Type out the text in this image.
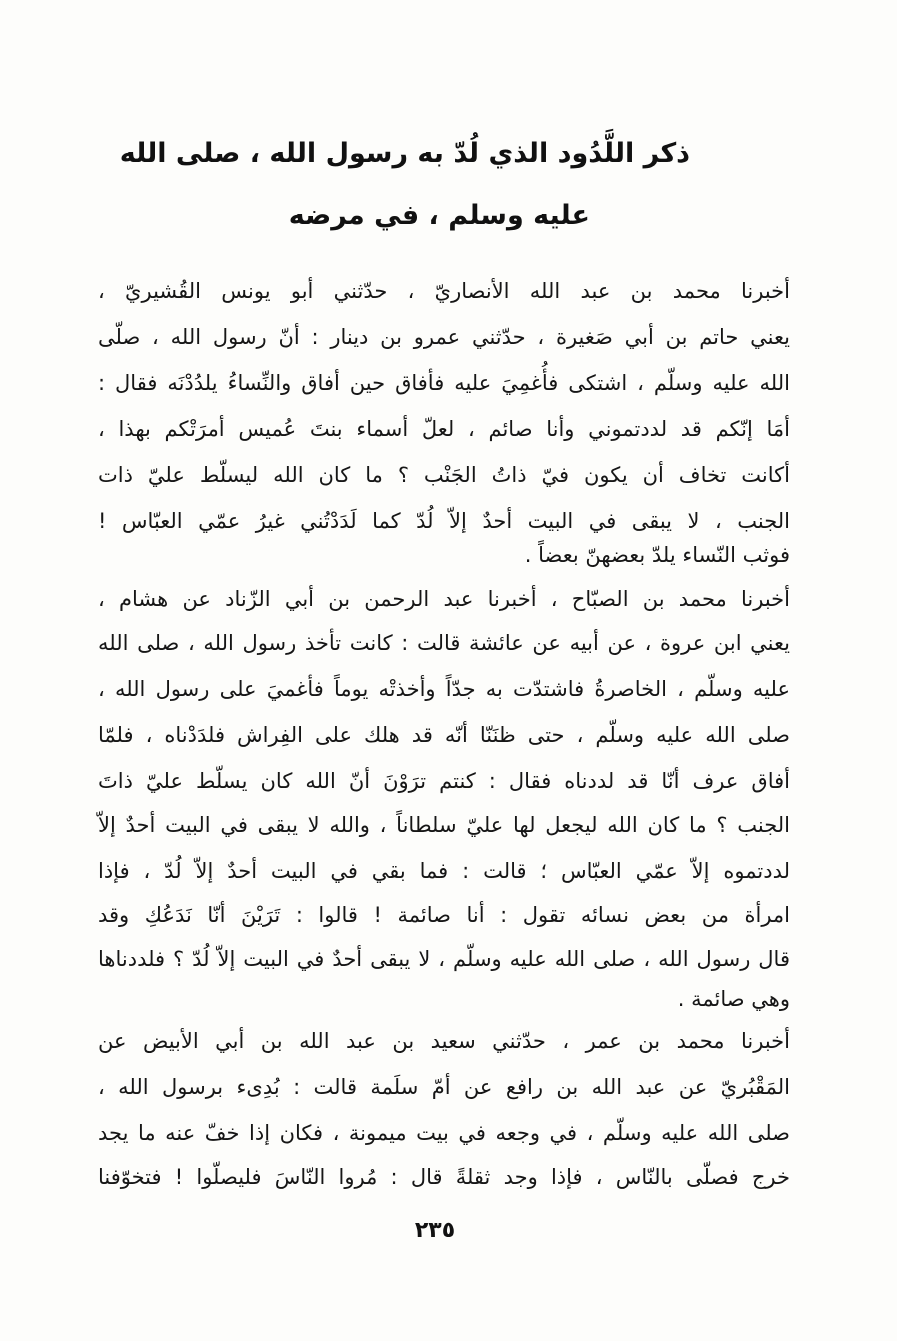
ذكر اللَّدُود الذي لُدّ به رسول الله ، صلى الله
عليه وسلم ، في مرضه
أخبرنا محمد بن عبد الله الأنصاريّ ، حدّثني أبو يونس القُشيريّ ،
يعني حاتم بن أبي صَغيرة ، حدّثني عمرو بن دينار : أنّ رسول الله ، صلّى
الله عليه وسلّم ، اشتكى فأُغمِيَ عليه فأفاق حين أفاق والنِّساءُ يلدُدْنَه فقال :
أمَا إنّكم قد لددتموني وأنا صائم ، لعلّ أسماء بنتَ عُميس أمرَتْكم بهذا ،
أكانت تخاف أن يكون فيّ ذاتُ الجَنْب ؟ ما كان الله ليسلّط عليّ ذات
الجنب ، لا يبقى في البيت أحدٌ إلاّ لُدّ كما لَدَدْتُني غيرُ عمّي العبّاس !
فوثب النّساء يلدّ بعضهنّ بعضاً .
أخبرنا محمد بن الصبّاح ، أخبرنا عبد الرحمن بن أبي الزّناد عن هشام ،
يعني ابن عروة ، عن أبيه عن عائشة قالت : كانت تأخذ رسول الله ، صلى الله
عليه وسلّم ، الخاصرةُ فاشتدّت به جدّاً وأخذتْه يوماً فأغميَ على رسول الله ،
صلى الله عليه وسلّم ، حتى ظنَنّا أنّه قد هلك على الفِراش فلدَدْناه ، فلمّا
أفاق عرف أنّا قد لددناه فقال : كنتم ترَوْنَ أنّ الله كان يسلّط عليّ ذاتَ
الجنب ؟ ما كان الله ليجعل لها عليّ سلطاناً ، والله لا يبقى في البيت أحدٌ إلاّ
لددتموه إلاّ عمّي العبّاس ؛ قالت : فما بقي في البيت أحدٌ إلاّ لُدّ ، فإذا
امرأة من بعض نسائه تقول : أنا صائمة ! قالوا : تَرَيْنَ أنّا نَدَعُكِ وقد
قال رسول الله ، صلى الله عليه وسلّم ، لا يبقى أحدٌ في البيت إلاّ لُدّ ؟ فلددناها
وهي صائمة .
أخبرنا محمد بن عمر ، حدّثني سعيد بن عبد الله بن أبي الأبيض عن
المَقْبُريّ عن عبد الله بن رافع عن أمّ سلَمة قالت : بُدِىء برسول الله ،
صلى الله عليه وسلّم ، في وجعه في بيت ميمونة ، فكان إذا خفّ عنه ما يجد
خرج فصلّى بالنّاس ، فإذا وجد ثقلةً قال : مُروا النّاسَ فليصلّوا ! فتخوّفنا
٢٣٥
